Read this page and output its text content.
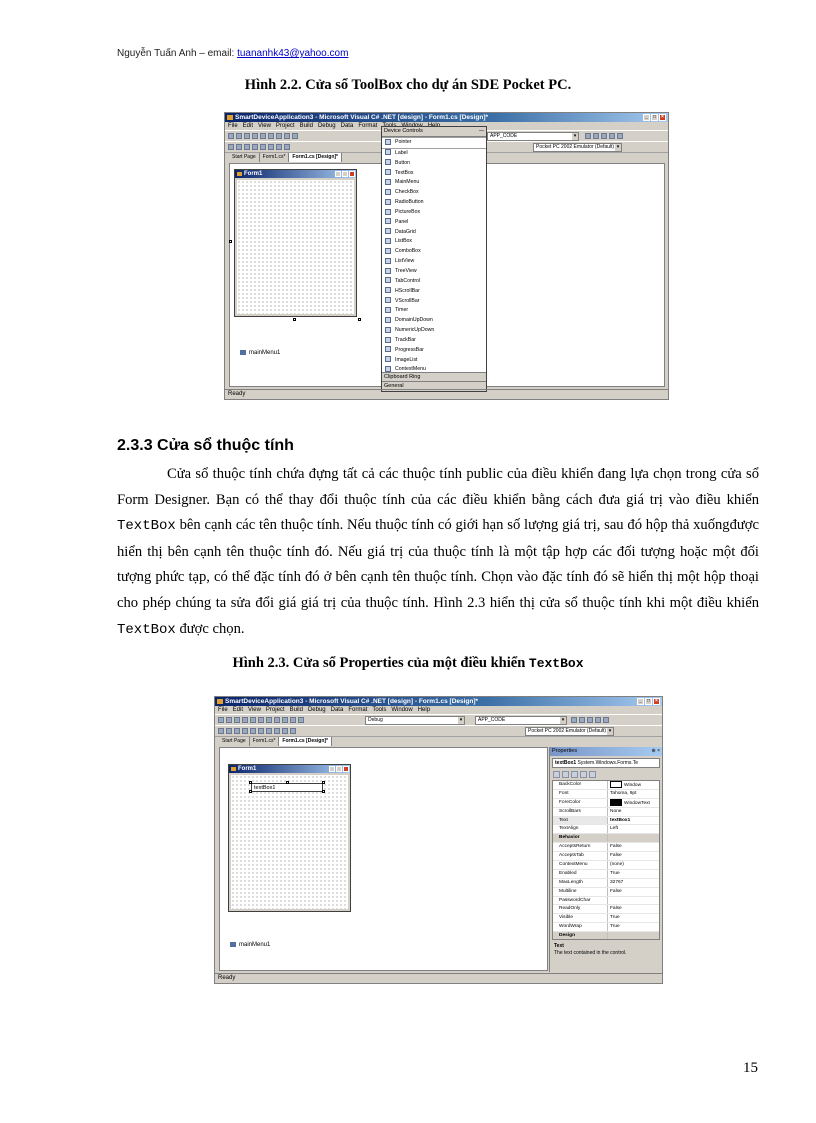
Nguyễn Tuấn Anh – email: tuananhk43@yahoo.com
Hình 2.2. Cửa sổ ToolBox cho dự án SDE Pocket PC.
SmartDeviceApplication3 - Microsoft Visual C# .NET [design] - Form1.cs [Design]*	_	□	×
File Edit View Project Build Debug Data Format
APP_CODE ▾
Pocket PC 2002 Emulator (Default) ▾
Start Page	Form1.cs*	Form1.cs [Design]*
Form1
mainMenu1
Device Controls —
Pointer
Label
Button
TextBox
MainMenu
CheckBox
RadioButton
PictureBox
Panel
DataGrid
ListBox
ComboBox
ListView
TreeView
TabControl
HScrollBar
VScrollBar
Timer
DomainUpDown
NumericUpDown
TrackBar
ProgressBar
ImageList
ContextMenu
Clipboard Ring
General
Ready
2.3.3 Cửa sổ thuộc tính

Cửa sổ thuộc tính chứa đựng tất cả các thuộc tính public của điều khiển đang lựa chọn trong cửa sổ Form Designer. Bạn có thể thay đổi thuộc tính của các điều khiển bằng cách đưa giá trị vào điều khiển TextBox bên cạnh các tên thuộc tính. Nếu thuộc tính có giới hạn số lượng giá trị, sau đó hộp thả xuốngđược hiển thị bên cạnh tên thuộc tính đó. Nếu giá trị của thuộc tính là một tập hợp các đối tượng hoặc một đối tượng phức tạp, có thể đặc tính đó ở bên cạnh tên thuộc tính. Chọn vào đặc tính đó sẽ hiển thị một hộp thoại cho phép chúng ta sửa đổi giá giá trị của thuộc tính. Hình 2.3 hiển thị cửa sổ thuộc tính khi một điều khiển TextBox được chọn.

Hình 2.3. Cửa sổ Properties của một điều khiển TextBox
SmartDeviceApplication3 - Microsoft Visual C# .NET [design] - Form1.cs [Design]*	_	□	×
File Edit View Project Build Debug Data Format Tools Window Help
Debug ▾	APP_CODE ▾
Pocket PC 2002 Emulator (Default) ▾
Start Page	Form1.cs*	Form1.cs [Design]*
Form1
textBox1
mainMenu1
Properties	⊕ ×
textBox1 System.Windows.Forms.Te
BackColor	Window
Font	Tahoma, 9pt
ForeColor	WindowText
ScrollBars	None
Text	textBox1
TextAlign	Left
Behavior
AcceptsReturn	False
AcceptsTab	False
ContextMenu	(none)
Enabled	True
MaxLength	32767
Multiline	False
PasswordChar
ReadOnly	False
Visible	True
WordWrap	True
Design
Text
The text contained in the control.
Ready
15
